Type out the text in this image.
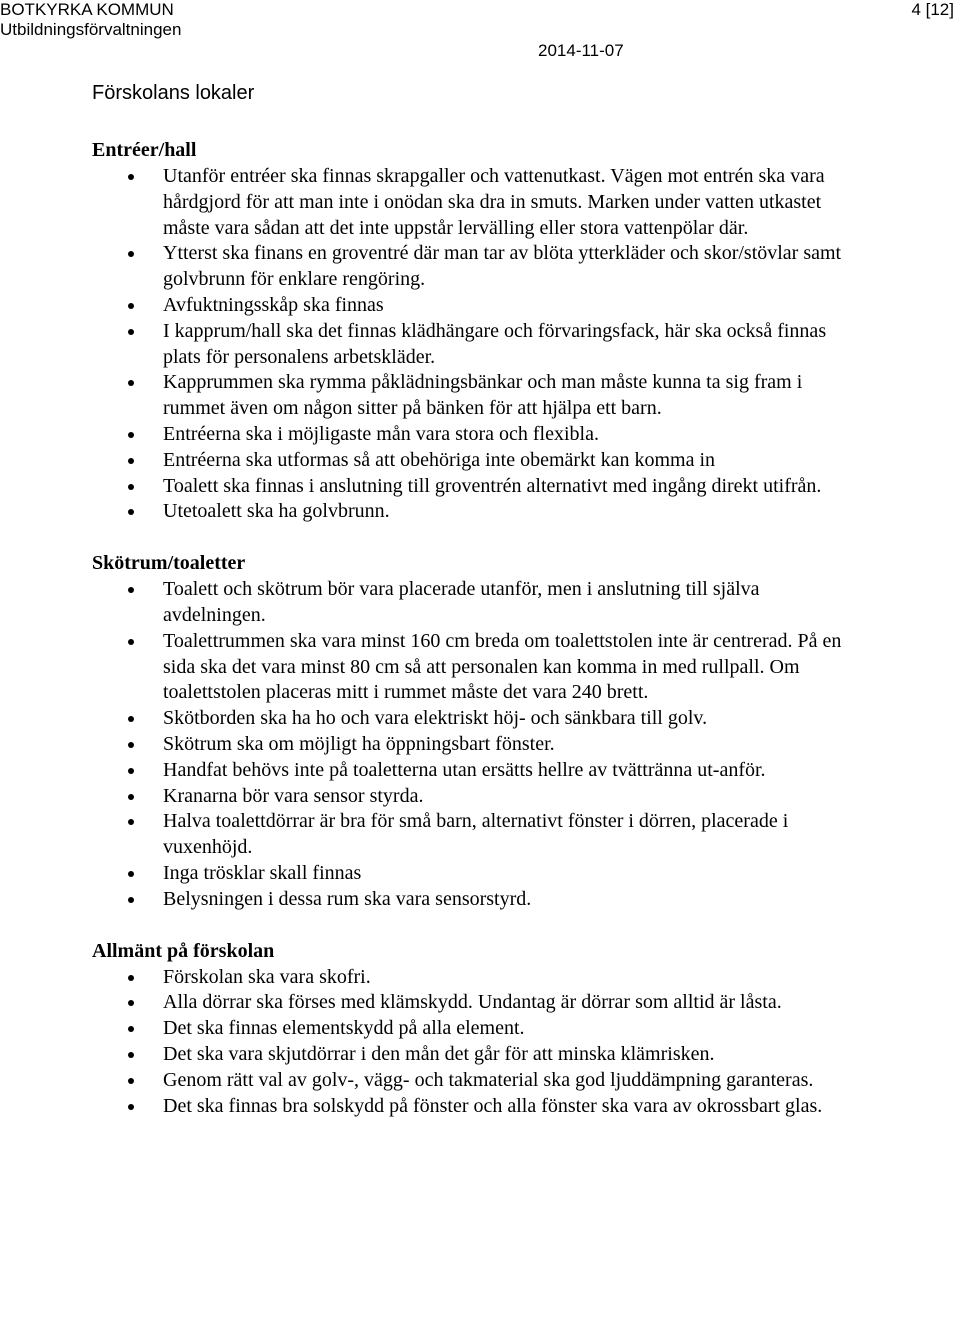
BOTKYRKA KOMMUN
Utbildningsförvaltningen
4 [12]
2014-11-07
Förskolans lokaler
Entréer/hall
Utanför entréer ska finnas skrapgaller och vattenutkast. Vägen mot entrén ska vara hårdgjord för att man inte i onödan ska dra in smuts. Marken under vatten utkastet måste vara sådan att det inte uppstår lervälling eller stora vattenpölar där.
Ytterst ska finans en groventré där man tar av blöta ytterkläder och skor/stövlar samt golvbrunn för enklare rengöring.
Avfuktningsskåp ska finnas
I kapprum/hall ska det finnas klädhängare och förvaringsfack, här ska också finnas plats för personalens arbetskläder.
Kapprummen ska rymma påklädningsbänkar och man måste kunna ta sig fram i rummet även om någon sitter på bänken för att hjälpa ett barn.
Entréerna ska i möjligaste mån vara stora och flexibla.
Entréerna ska utformas så att obehöriga inte obemärkt kan komma in
Toalett ska finnas i anslutning till groventrén alternativt med ingång direkt utifrån.
Utetoalett ska ha golvbrunn.
Skötrum/toaletter
Toalett och skötrum bör vara placerade utanför, men i anslutning till själva avdelningen.
Toalettrummen ska vara minst 160 cm breda om toalettstolen inte är centrerad. På en sida ska det vara minst 80 cm så att personalen kan komma in med rullpall. Om toalettstolen placeras mitt i rummet måste det vara 240 brett.
Skötborden ska ha ho och vara elektriskt höj- och sänkbara till golv.
Skötrum ska om möjligt ha öppningsbart fönster.
Handfat behövs inte på toaletterna utan ersätts hellre av tvättränna ut-anför.
Kranarna bör vara sensor styrda.
Halva toalettdörrar är bra för små barn, alternativt fönster i dörren, placerade i vuxenhöjd.
Inga trösklar skall finnas
Belysningen i dessa rum ska vara sensorstyrd.
Allmänt på förskolan
Förskolan ska vara skofri.
Alla dörrar ska förses med klämskydd. Undantag är dörrar som alltid är låsta.
Det ska finnas elementskydd på alla element.
Det ska vara skjutdörrar i den mån det går för att minska klämrisken.
Genom rätt val av golv-, vägg- och takmaterial ska god ljuddämpning garanteras.
Det ska finnas bra solskydd på fönster och alla fönster ska vara av okrossbart glas.
